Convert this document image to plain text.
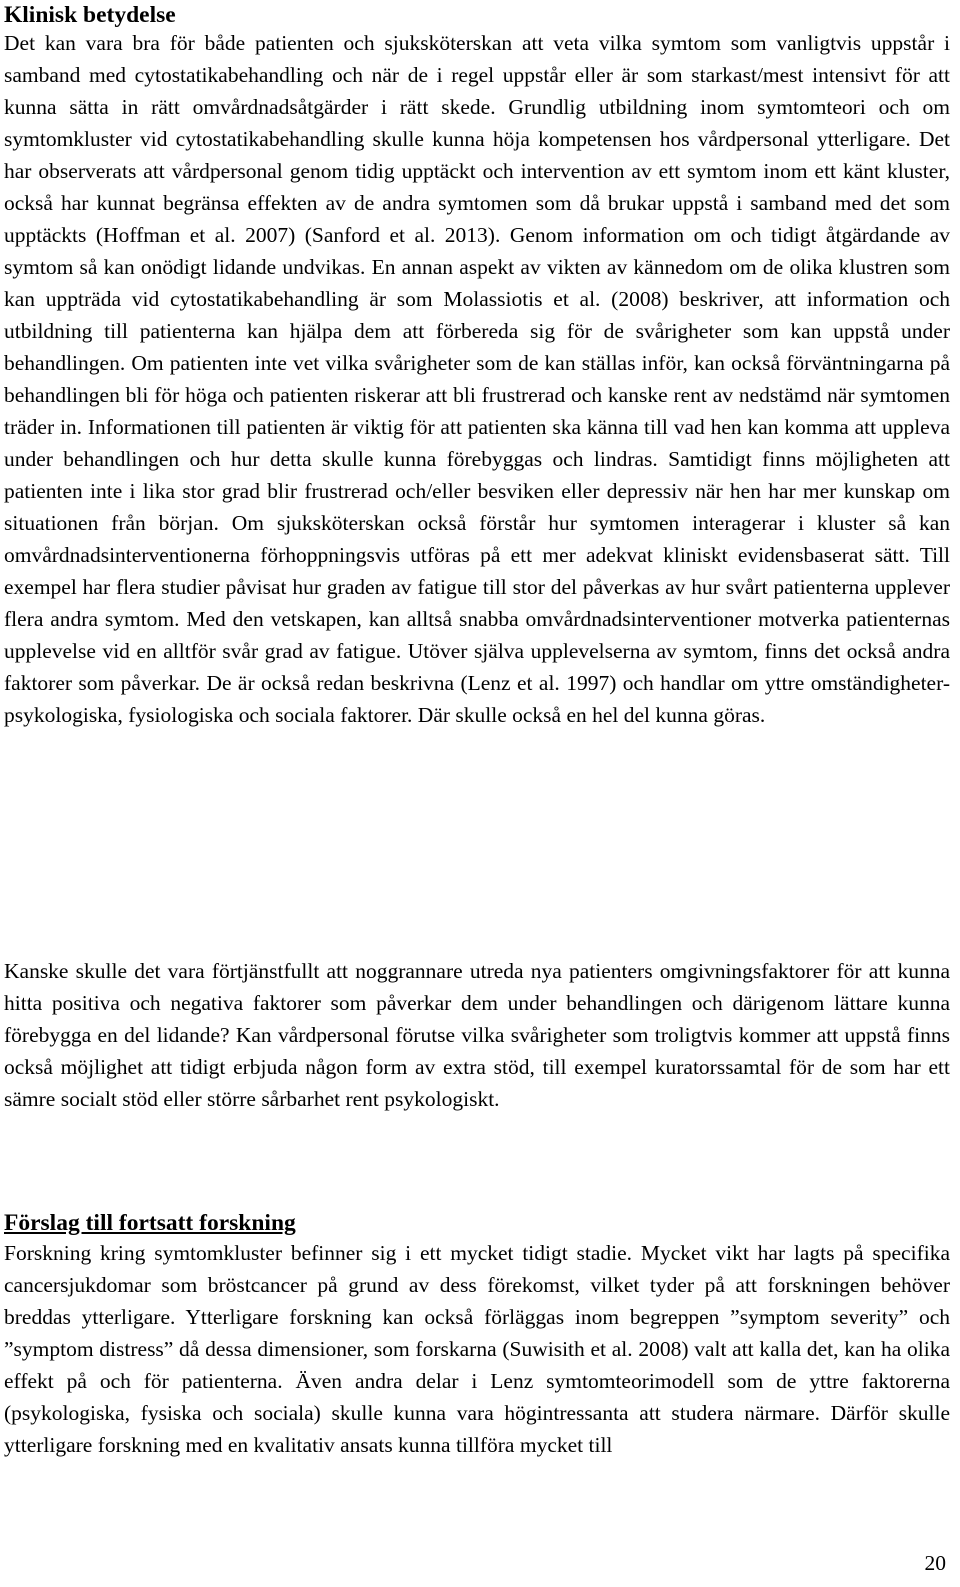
Klinisk betydelse

Det kan vara bra för både patienten och sjuksköterskan att veta vilka symtom som vanligtvis uppstår i samband med cytostatikabehandling och när de i regel uppstår eller är som starkast/mest intensivt för att kunna sätta in rätt omvårdnadsåtgärder i rätt skede. Grundlig utbildning inom symtomteori och om symtomkluster vid cytostatikabehandling skulle kunna höja kompetensen hos vårdpersonal ytterligare. Det har observerats att vårdpersonal genom tidig upptäckt och intervention av ett symtom inom ett känt kluster, också har kunnat begränsa effekten av de andra symtomen som då brukar uppstå i samband med det som upptäckts (Hoffman et al. 2007) (Sanford et al. 2013). Genom information om och tidigt åtgärdande av symtom så kan onödigt lidande undvikas. En annan aspekt av vikten av kännedom om de olika klustren som kan uppträda vid cytostatikabehandling är som Molassiotis et al. (2008) beskriver, att information och utbildning till patienterna kan hjälpa dem att förbereda sig för de svårigheter som kan uppstå under behandlingen. Om patienten inte vet vilka svårigheter som de kan ställas inför, kan också förväntningarna på behandlingen bli för höga och patienten riskerar att bli frustrerad och kanske rent av nedstämd när symtomen träder in. Informationen till patienten är viktig för att patienten ska känna till vad hen kan komma att uppleva under behandlingen och hur detta skulle kunna förebyggas och lindras. Samtidigt finns möjligheten att patienten inte i lika stor grad blir frustrerad och/eller besviken eller depressiv när hen har mer kunskap om situationen från början. Om sjuksköterskan också förstår hur symtomen interagerar i kluster så kan omvårdnadsinterventionerna förhoppningsvis utföras på ett mer adekvat kliniskt evidensbaserat sätt. Till exempel har flera studier påvisat hur graden av fatigue till stor del påverkas av hur svårt patienterna upplever flera andra symtom. Med den vetskapen, kan alltså snabba omvårdnadsinterventioner motverka patienternas upplevelse vid en alltför svår grad av fatigue. Utöver själva upplevelserna av symtom, finns det också andra faktorer som påverkar. De är också redan beskrivna (Lenz et al. 1997) och handlar om yttre omständigheter- psykologiska, fysiologiska och sociala faktorer. Där skulle också en hel del kunna göras.

Kanske skulle det vara förtjänstfullt att noggrannare utreda nya patienters omgivningsfaktorer för att kunna hitta positiva och negativa faktorer som påverkar dem under behandlingen och därigenom lättare kunna förebygga en del lidande? Kan vårdpersonal förutse vilka svårigheter som troligtvis kommer att uppstå finns också möjlighet att tidigt erbjuda någon form av extra stöd, till exempel kuratorssamtal för de som har ett sämre socialt stöd eller större sårbarhet rent psykologiskt.

Förslag till fortsatt forskning

Forskning kring symtomkluster befinner sig i ett mycket tidigt stadie. Mycket vikt har lagts på specifika cancersjukdomar som bröstcancer på grund av dess förekomst, vilket tyder på att forskningen behöver breddas ytterligare. Ytterligare forskning kan också förläggas inom begreppen ”symptom severity” och ”symptom distress” då dessa dimensioner, som forskarna (Suwisith et al. 2008) valt att kalla det, kan ha olika effekt på och för patienterna. Även andra delar i Lenz symtomteorimodell som de yttre faktorerna (psykologiska, fysiska och sociala) skulle kunna vara högintressanta att studera närmare. Därför skulle ytterligare forskning med en kvalitativ ansats kunna tillföra mycket till

20
